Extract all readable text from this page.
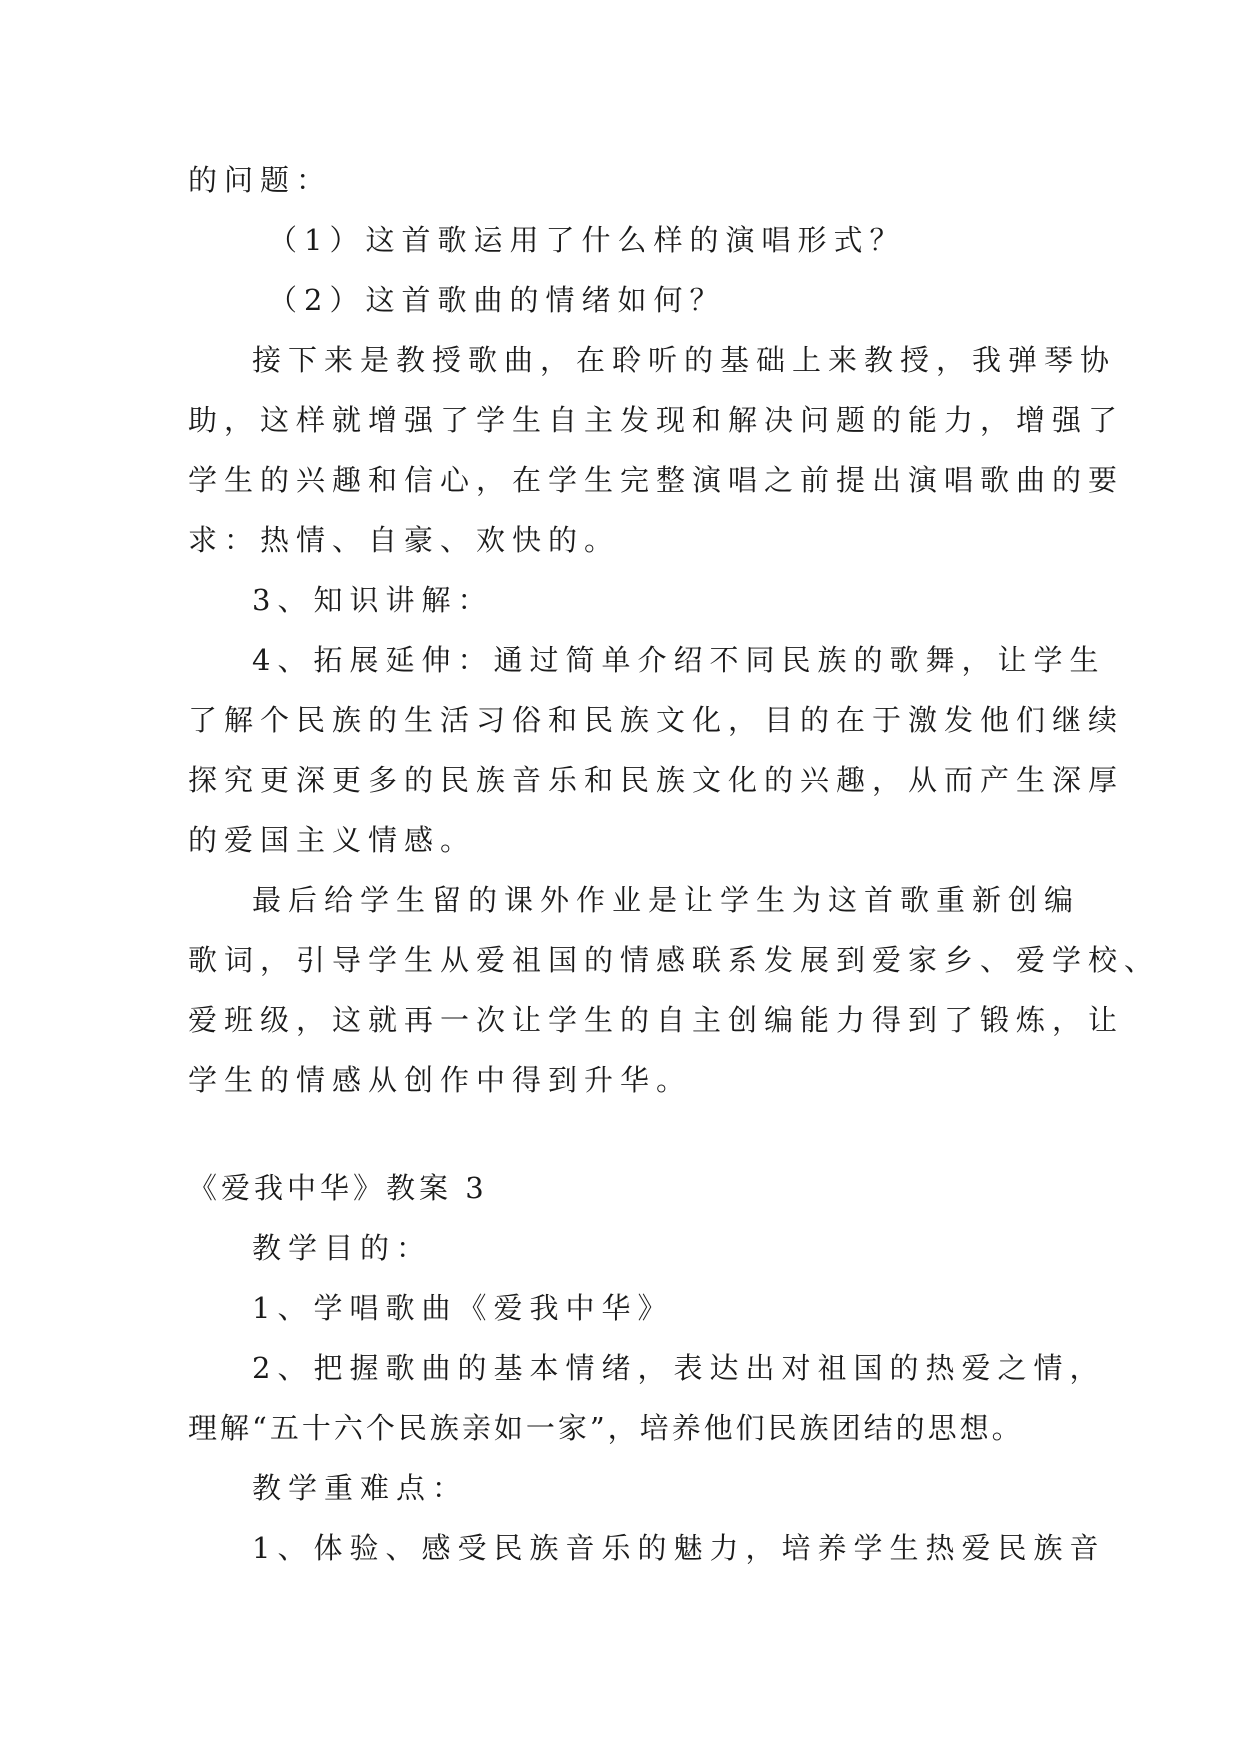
的问题：
（1）这首歌运用了什么样的演唱形式？
（2）这首歌曲的情绪如何？
接下来是教授歌曲，在聆听的基础上来教授，我弹琴协
助，这样就增强了学生自主发现和解决问题的能力，增强了
学生的兴趣和信心，在学生完整演唱之前提出演唱歌曲的要
求：热情、自豪、欢快的。
3、知识讲解：
4、拓展延伸：通过简单介绍不同民族的歌舞，让学生
了解个民族的生活习俗和民族文化，目的在于激发他们继续
探究更深更多的民族音乐和民族文化的兴趣，从而产生深厚
的爱国主义情感。
最后给学生留的课外作业是让学生为这首歌重新创编
歌词，引导学生从爱祖国的情感联系发展到爱家乡、爱学校、
爱班级，这就再一次让学生的自主创编能力得到了锻炼，让
学生的情感从创作中得到升华。
《爱我中华》教案 3
教学目的：
1、学唱歌曲《爱我中华》
2、把握歌曲的基本情绪，表达出对祖国的热爱之情，
理解“五十六个民族亲如一家”，培养他们民族团结的思想。
教学重难点：
1、体验、感受民族音乐的魅力，培养学生热爱民族音
